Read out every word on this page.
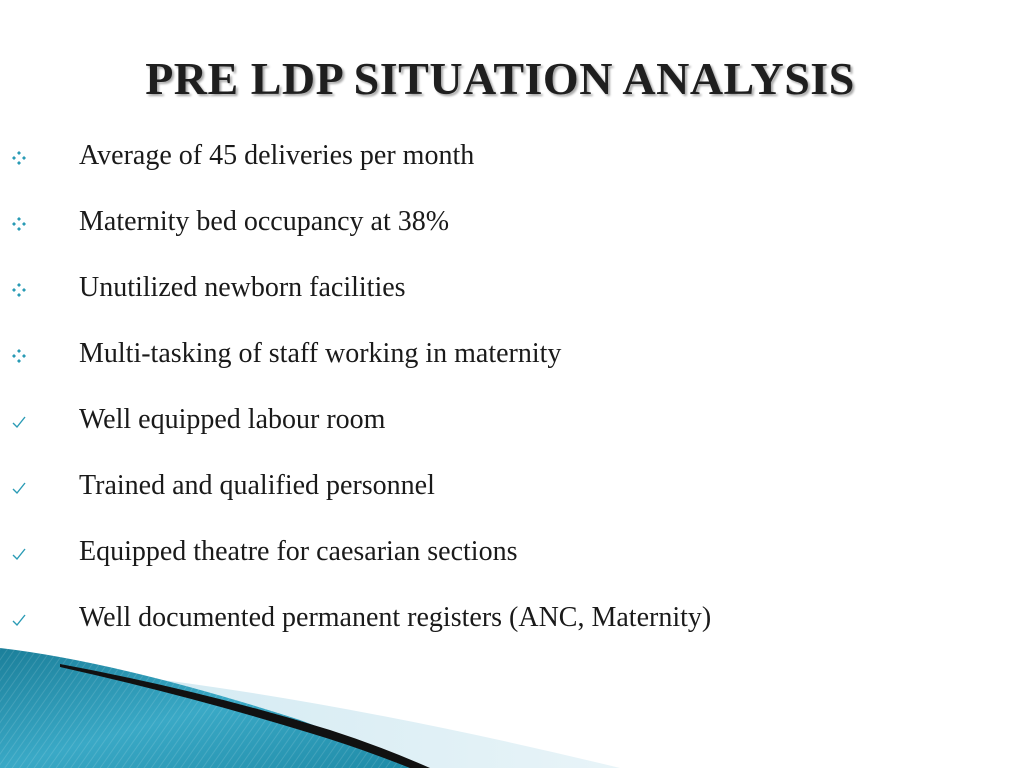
PRE LDP SITUATION ANALYSIS
Average of 45 deliveries per month
Maternity bed occupancy at 38%
Unutilized newborn facilities
Multi-tasking of staff working in maternity
Well equipped labour room
Trained and qualified personnel
Equipped theatre for caesarian sections
Well documented permanent registers (ANC, Maternity)
